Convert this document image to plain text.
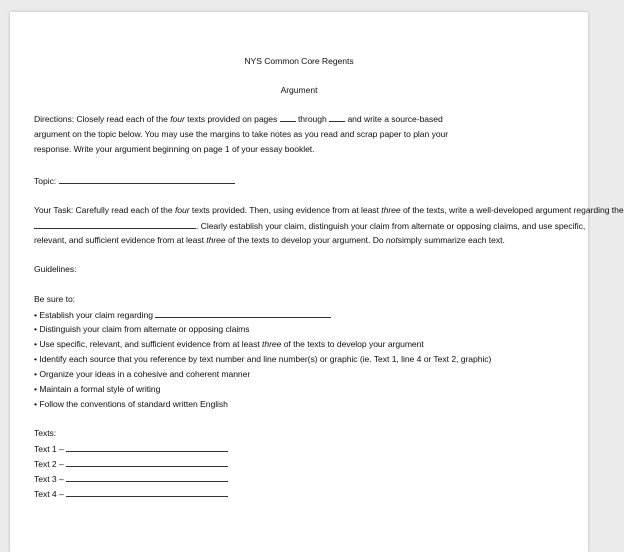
NYS Common Core Regents
Argument
Directions: Closely read each of the four texts provided on pages through and write a source-based
argument on the topic below. You may use the margins to take notes as you read and scrap paper to plan your
response. Write your argument beginning on page 1 of your essay booklet.
Topic:
Your Task: Carefully read each of the four texts provided. Then, using evidence from at least three of the texts, write a well-developed argument regarding the
. Clearly establish your claim, distinguish your claim from alternate or opposing claims, and use specific,
relevant, and sufficient evidence from at least three of the texts to develop your argument. Do notsimply summarize each text.
Guidelines:
Be sure to:
• Establish your claim regarding
• Distinguish your claim from alternate or opposing claims
• Use specific, relevant, and sufficient evidence from at least three of the texts to develop your argument
• Identify each source that you reference by text number and line number(s) or graphic (ie. Text 1, line 4 or Text 2, graphic)
• Organize your ideas in a cohesive and coherent manner
• Maintain a formal style of writing
• Follow the conventions of standard written English
Texts:
Text 1 –
Text 2 –
Text 3 –
Text 4 –
